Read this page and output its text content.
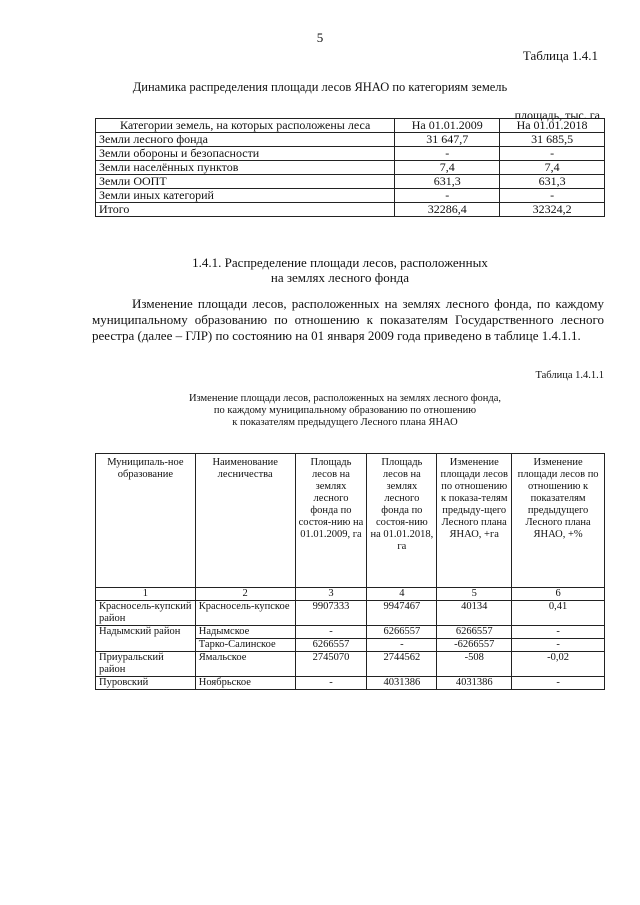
5
Таблица 1.4.1
Динамика распределения площади лесов ЯНАО по категориям земель
площадь, тыс. га
Категории земель, на которых расположены леса	На 01.01.2009	На 01.01.2018
Земли лесного фонда	31 647,7	31 685,5
Земли обороны и безопасности	-	-
Земли населённых пунктов	7,4	7,4
Земли ООПТ	631,3	631,3
Земли иных категорий	-	-
Итого	32286,4	32324,2
1.4.1. Распределение площади лесов, расположенных
на землях лесного фонда
Изменение площади лесов, расположенных на землях лесного фонда, по каждому муниципальному образованию по отношению к показателям Государственного лесного реестра (далее – ГЛР) по состоянию на 01 января 2009 года приведено в таблице 1.4.1.1.
Таблица 1.4.1.1
Изменение площади лесов, расположенных на землях лесного фонда,
по каждому муниципальному образованию по отношению
к показателям предыдущего Лесного плана ЯНАО
Муниципаль-ное образование	Наименование лесничества	Площадь лесов на землях лесного фонда по состоя-нию на 01.01.2009, га	Площадь лесов на землях лесного фонда по состоя-нию на 01.01.2018, га	Изменение площади лесов по отношению к показа-телям предыду-щего Лесного плана ЯНАО, +га	Изменение площади лесов по отношению к показателям предыдущего Лесного плана ЯНАО, +%
1	2	3	4	5	6
Красносель-купский район	Красносель-купское	9907333	9947467	40134	0,41
Надымский район	Надымское	-	6266557	6266557	-
	Тарко-Салинское	6266557	-	-6266557	-
Приуральский район	Ямальское	2745070	2744562	-508	-0,02
Пуровский	Ноябрьское	-	4031386	4031386	-
